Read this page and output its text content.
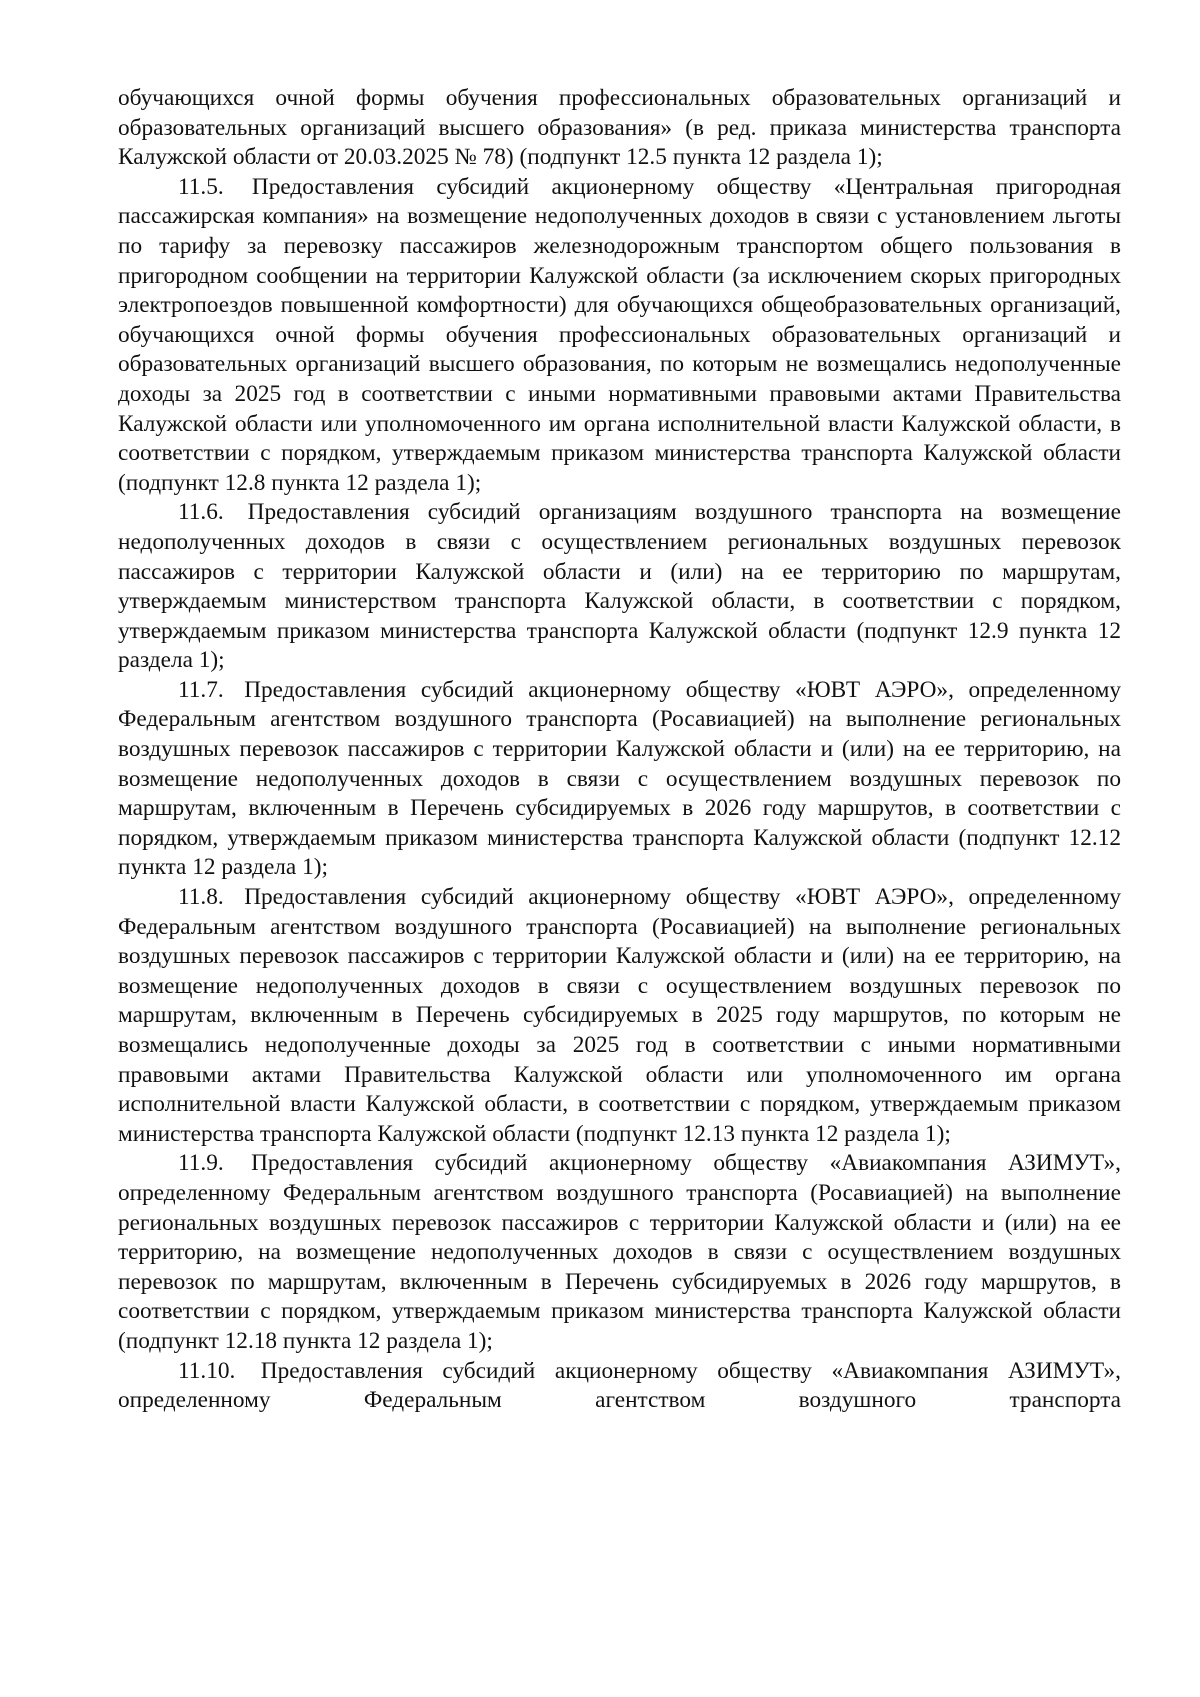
обучающихся очной формы обучения профессиональных образовательных организаций и образовательных организаций высшего образования» (в ред. приказа министерства транспорта Калужской области от 20.03.2025 № 78) (подпункт 12.5 пункта 12 раздела 1);

11.5. Предоставления субсидий акционерному обществу «Центральная пригородная пассажирская компания» на возмещение недополученных доходов в связи с установлением льготы по тарифу за перевозку пассажиров железнодорожным транспортом общего пользования в пригородном сообщении на территории Калужской области (за исключением скорых пригородных электропоездов повышенной комфортности) для обучающихся общеобразовательных организаций, обучающихся очной формы обучения профессиональных образовательных организаций и образовательных организаций высшего образования, по которым не возмещались недополученные доходы за 2025 год в соответствии с иными нормативными правовыми актами Правительства Калужской области или уполномоченного им органа исполнительной власти Калужской области, в соответствии с порядком, утверждаемым приказом министерства транспорта Калужской области (подпункт 12.8 пункта 12 раздела 1);

11.6. Предоставления субсидий организациям воздушного транспорта на возмещение недополученных доходов в связи с осуществлением региональных воздушных перевозок пассажиров с территории Калужской области и (или) на ее территорию по маршрутам, утверждаемым министерством транспорта Калужской области, в соответствии с порядком, утверждаемым приказом министерства транспорта Калужской области (подпункт 12.9 пункта 12 раздела 1);

11.7. Предоставления субсидий акционерному обществу «ЮВТ АЭРО», определенному Федеральным агентством воздушного транспорта (Росавиацией) на выполнение региональных воздушных перевозок пассажиров с территории Калужской области и (или) на ее территорию, на возмещение недополученных доходов в связи с осуществлением воздушных перевозок по маршрутам, включенным в Перечень субсидируемых в 2026 году маршрутов, в соответствии с порядком, утверждаемым приказом министерства транспорта Калужской области (подпункт 12.12 пункта 12 раздела 1);

11.8. Предоставления субсидий акционерному обществу «ЮВТ АЭРО», определенному Федеральным агентством воздушного транспорта (Росавиацией) на выполнение региональных воздушных перевозок пассажиров с территории Калужской области и (или) на ее территорию, на возмещение недополученных доходов в связи с осуществлением воздушных перевозок по маршрутам, включенным в Перечень субсидируемых в 2025 году маршрутов, по которым не возмещались недополученные доходы за 2025 год в соответствии с иными нормативными правовыми актами Правительства Калужской области или уполномоченного им органа исполнительной власти Калужской области, в соответствии с порядком, утверждаемым приказом министерства транспорта Калужской области (подпункт 12.13 пункта 12 раздела 1);

11.9. Предоставления субсидий акционерному обществу «Авиакомпания АЗИМУТ», определенному Федеральным агентством воздушного транспорта (Росавиацией) на выполнение региональных воздушных перевозок пассажиров с территории Калужской области и (или) на ее территорию, на возмещение недополученных доходов в связи с осуществлением воздушных перевозок по маршрутам, включенным в Перечень субсидируемых в 2026 году маршрутов, в соответствии с порядком, утверждаемым приказом министерства транспорта Калужской области (подпункт 12.18 пункта 12 раздела 1);

11.10. Предоставления субсидий акционерному обществу «Авиакомпания АЗИМУТ», определенному Федеральным агентством воздушного транспорта
